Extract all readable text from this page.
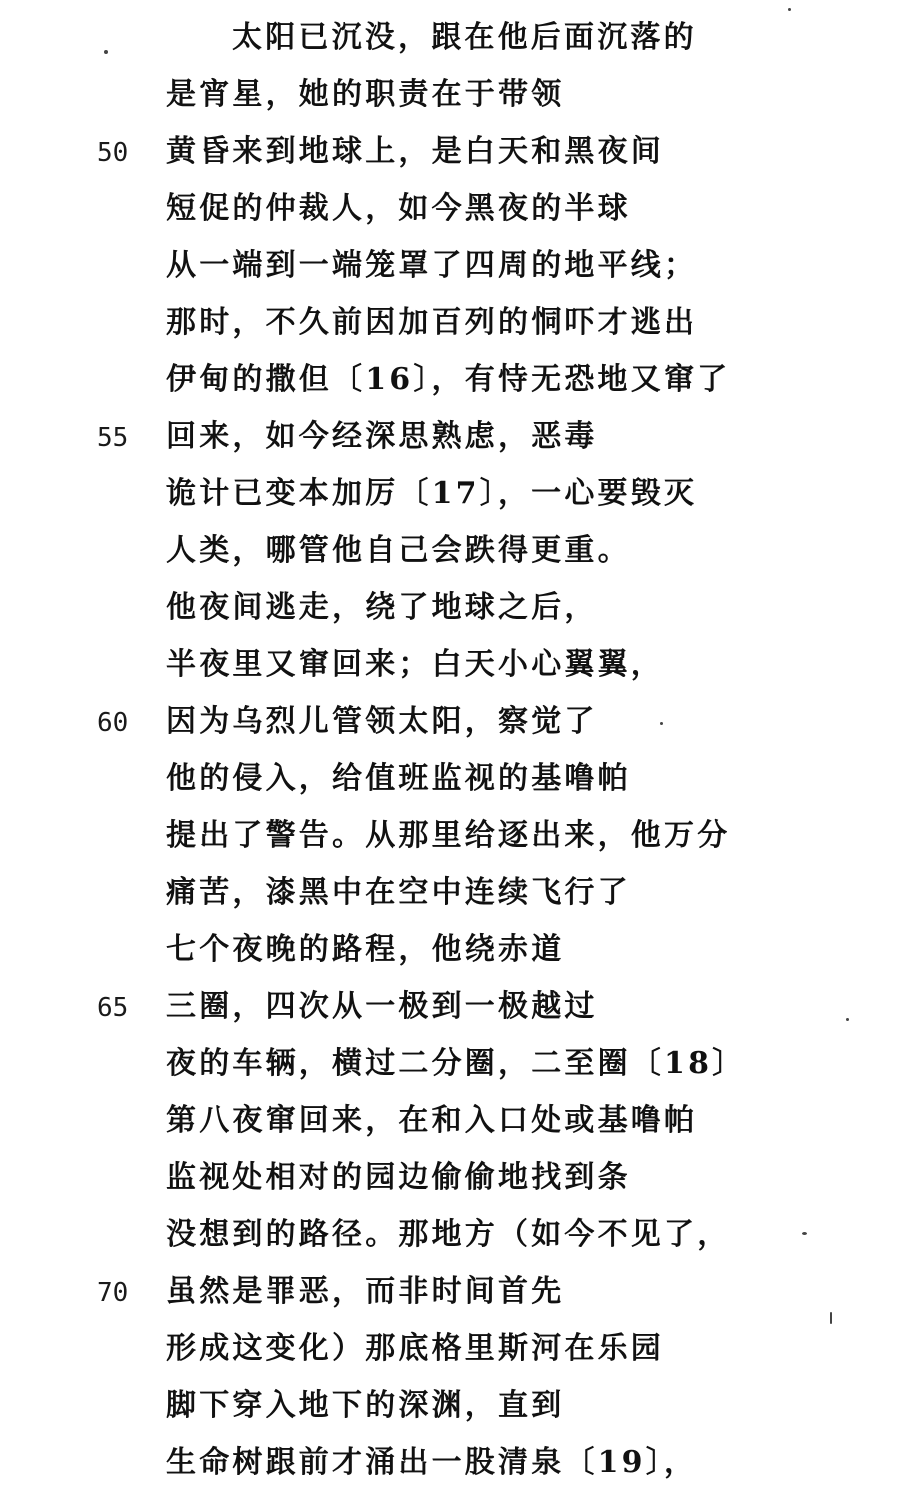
太阳已沉没，跟在他后面沉落的
是宵星，她的职责在于带领
50 黄昏来到地球上，是白天和黑夜间
短促的仲裁人，如今黑夜的半球
从一端到一端笼罩了四周的地平线；
那时，不久前因加百列的恫吓才逃出
伊甸的撒但〔16〕，有恃无恐地又窜了
55 回来，如今经深思熟虑，恶毒
诡计已变本加厉〔17〕，一心要毁灭
人类，哪管他自己会跌得更重。
他夜间逃走，绕了地球之后，
半夜里又窜回来；白天小心翼翼，
60 因为乌烈儿管领太阳，察觉了
他的侵入，给值班监视的基噜帕
提出了警告。从那里给逐出来，他万分
痛苦，漆黑中在空中连续飞行了
七个夜晚的路程，他绕赤道
65 三圈，四次从一极到一极越过
夜的车辆，横过二分圈，二至圈〔18〕
第八夜窜回来，在和入口处或基噜帕
监视处相对的园边偷偷地找到条
没想到的路径。那地方（如今不见了，
70 虽然是罪恶，而非时间首先
形成这变化）那底格里斯河在乐园
脚下穿入地下的深渊，直到
生命树跟前才涌出一股清泉〔19〕，
